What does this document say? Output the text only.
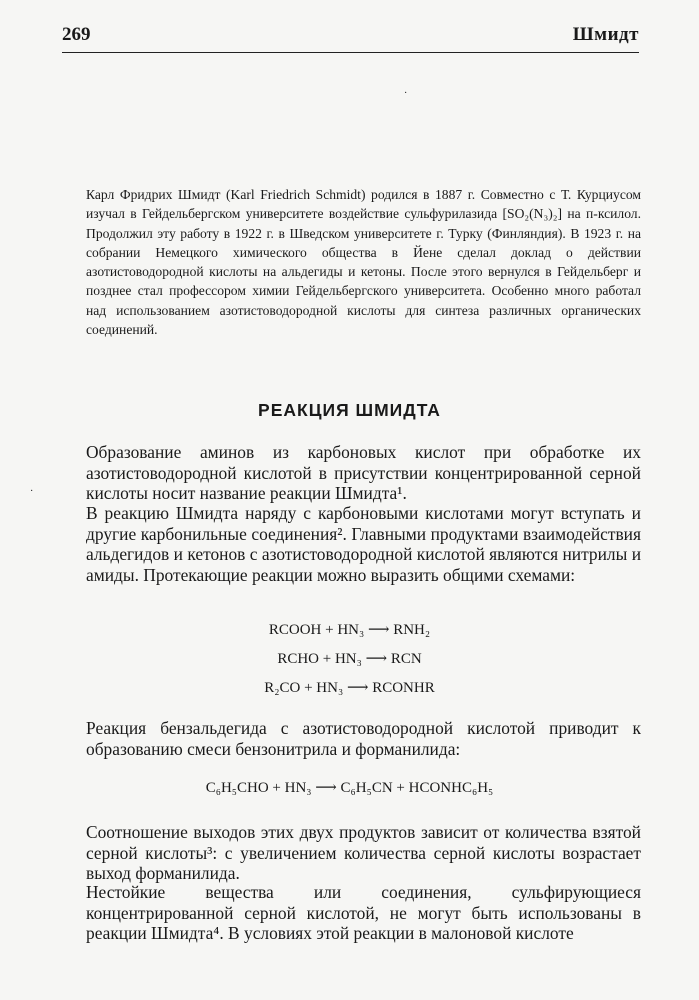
269	Шмидт
·

Карл Фридрих Шмидт (Karl Friedrich Schmidt) родился в 1887 г. Совместно с Т. Курциусом изучал в Гейдельбергском университете воздействие сульфурилазида [SO₂(N₃)₂] на п-ксилол. Продолжил эту работу в 1922 г. в Шведском университете г. Турку (Финляндия). В 1923 г. на собрании Немецкого химического общества в Йене сделал доклад о действии азотистоводородной кислоты на альдегиды и кетоны. После этого вернулся в Гейдельберг и позднее стал профессором химии Гейдельбергского университета. Особенно много работал над использованием азотистоводородной кислоты для синтеза различных органических соединений.

РЕАКЦИЯ ШМИДТА
·

Образование аминов из карбоновых кислот при обработке их азотистоводородной кислотой в присутствии концентрированной серной кислоты носит название реакции Шмидта¹.

В реакцию Шмидта наряду с карбоновыми кислотами могут вступать и другие карбонильные соединения². Главными продуктами взаимодействия альдегидов и кетонов с азотистоводородной кислотой являются нитрилы и амиды. Протекающие реакции можно выразить общими схемами:

RCOOH + HN₃ ⟶ RNH₂
RCHO + HN₃ ⟶ RCN
R₂CO + HN₃ ⟶ RCONHR

Реакция бензальдегида с азотистоводородной кислотой приводит к образованию смеси бензонитрила и форманилида:

C₆H₅CHO + HN₃ ⟶ C₆H₅CN + HCONHC₆H₅

Соотношение выходов этих двух продуктов зависит от количества взятой серной кислоты³: с увеличением количества серной кислоты возрастает выход форманилида.

Нестойкие вещества или соединения, сульфирующиеся концентрированной серной кислотой, не могут быть использованы в реакции Шмидта⁴. В условиях этой реакции в малоновой кислоте
